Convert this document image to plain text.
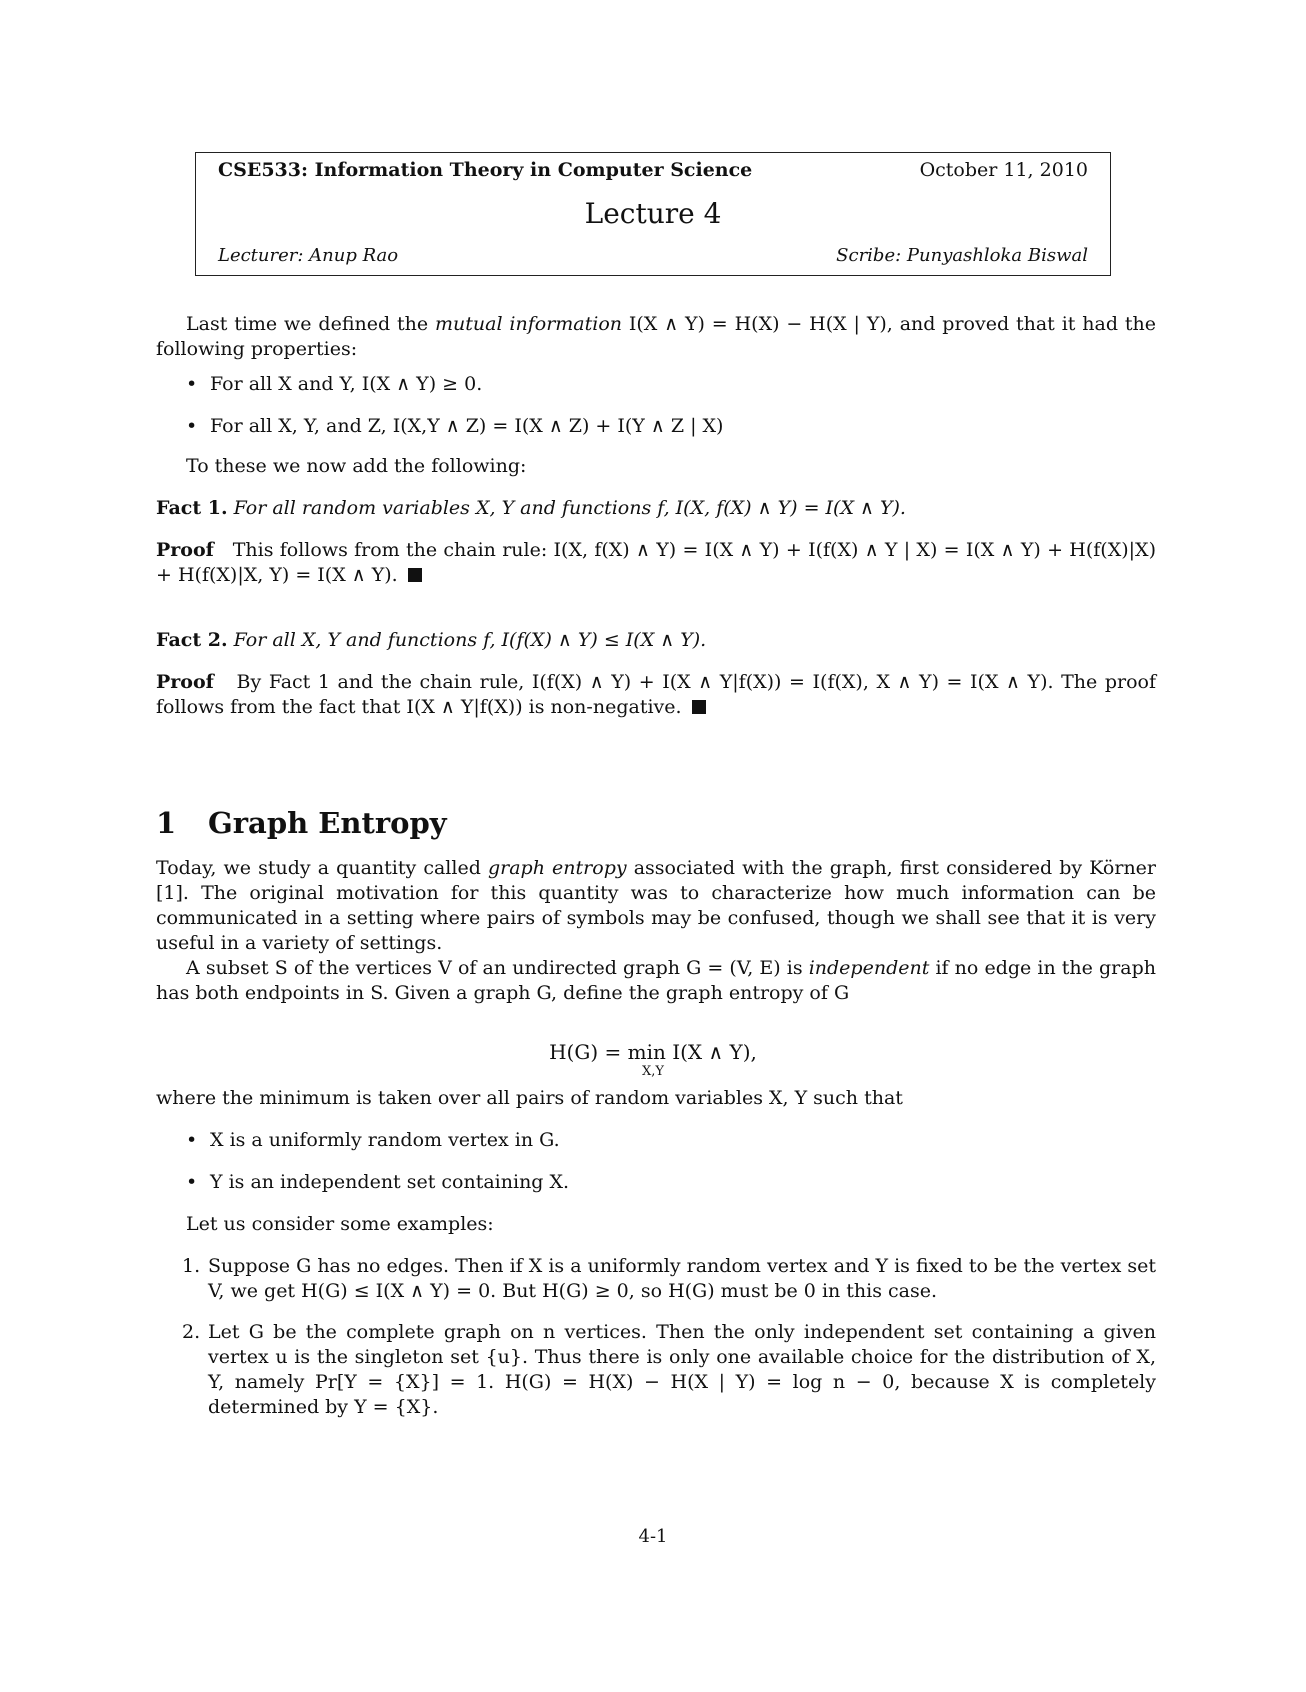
CSE533: Information Theory in Computer Science	October 11, 2010
Lecture 4
Lecturer: Anup Rao	Scribe: Punyashloka Biswal
Last time we defined the mutual information I(X ∧ Y) = H(X) − H(X | Y), and proved that it had the following properties:
• For all X and Y, I(X ∧ Y) ≥ 0.
• For all X, Y, and Z, I(X,Y ∧ Z) = I(X ∧ Z) + I(Y ∧ Z | X)
To these we now add the following:
Fact 1. For all random variables X, Y and functions f, I(X, f(X) ∧ Y) = I(X ∧ Y).
Proof This follows from the chain rule: I(X, f(X) ∧ Y) = I(X ∧ Y) + I(f(X) ∧ Y | X) = I(X ∧ Y) + H(f(X)|X) + H(f(X)|X, Y) = I(X ∧ Y).
Fact 2. For all X, Y and functions f, I(f(X) ∧ Y) ≤ I(X ∧ Y).
Proof By Fact 1 and the chain rule, I(f(X) ∧ Y) + I(X ∧ Y|f(X)) = I(f(X), X ∧ Y) = I(X ∧ Y). The proof follows from the fact that I(X ∧ Y|f(X)) is non-negative.
1 Graph Entropy
Today, we study a quantity called graph entropy associated with the graph, first considered by Körner [1]. The original motivation for this quantity was to characterize how much information can be communicated in a setting where pairs of symbols may be confused, though we shall see that it is very useful in a variety of settings.
A subset S of the vertices V of an undirected graph G = (V, E) is independent if no edge in the graph has both endpoints in S. Given a graph G, define the graph entropy of G
H(G) = min I(X ∧ Y),
X,Y
where the minimum is taken over all pairs of random variables X, Y such that
• X is a uniformly random vertex in G.
• Y is an independent set containing X.
Let us consider some examples:
1. Suppose G has no edges. Then if X is a uniformly random vertex and Y is fixed to be the vertex set V, we get H(G) ≤ I(X ∧ Y) = 0. But H(G) ≥ 0, so H(G) must be 0 in this case.
2. Let G be the complete graph on n vertices. Then the only independent set containing a given vertex u is the singleton set {u}. Thus there is only one available choice for the distribution of X, Y, namely Pr[Y = {X}] = 1. H(G) = H(X) − H(X | Y) = log n − 0, because X is completely determined by Y = {X}.
4-1
